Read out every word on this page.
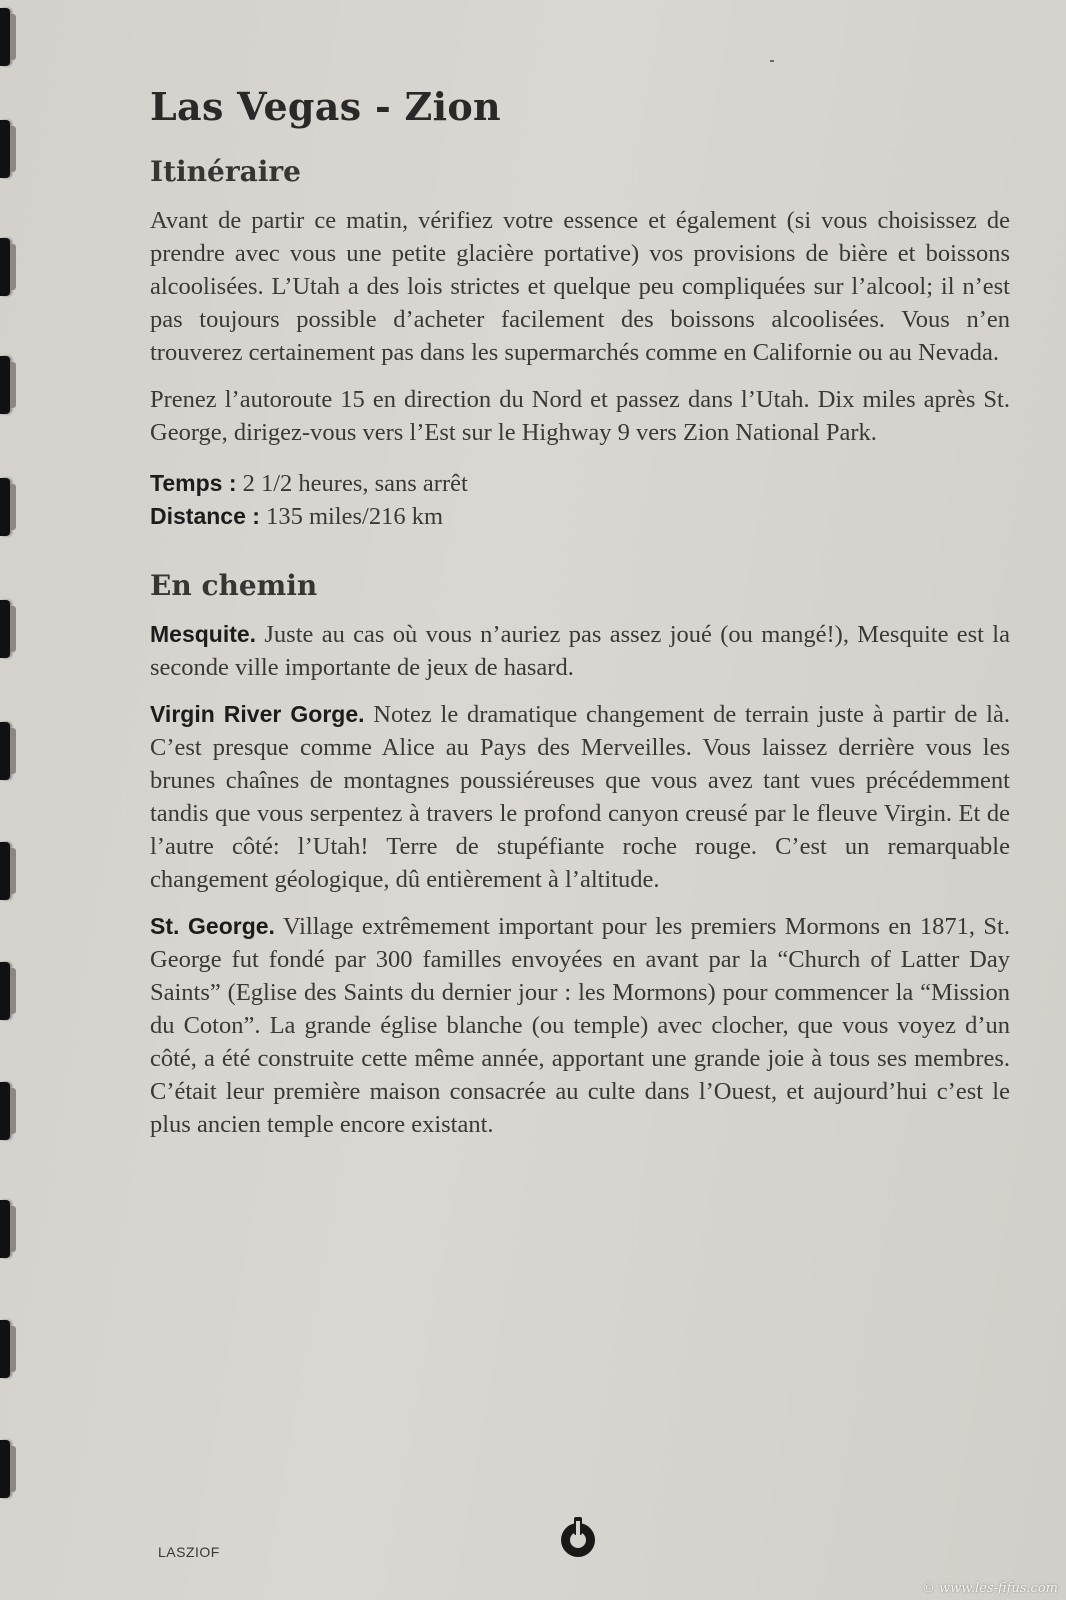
Las Vegas - Zion
Itinéraire

Avant de partir ce matin, vérifiez votre essence et également (si vous choisissez de prendre avec vous une petite glacière portative) vos provisions de bière et boissons alcoolisées. L’Utah a des lois strictes et quelque peu compliquées sur l’alcool; il n’est pas toujours possible d’acheter facilement des boissons alcoolisées. Vous n’en trouverez certainement pas dans les supermarchés comme en Californie ou au Nevada.

Prenez l’autoroute 15 en direction du Nord et passez dans l’Utah. Dix miles après St. George, dirigez-vous vers l’Est sur le Highway 9 vers Zion National Park.

Temps : 2 1/2 heures, sans arrêt
Distance : 135 miles/216 km
En chemin

Mesquite. Juste au cas où vous n’auriez pas assez joué (ou mangé!), Mesquite est la seconde ville importante de jeux de hasard.

Virgin River Gorge. Notez le dramatique changement de terrain juste à partir de là. C’est presque comme Alice au Pays des Merveilles. Vous laissez derrière vous les brunes chaînes de montagnes poussiéreuses que vous avez tant vues précédemment tandis que vous serpentez à travers le profond canyon creusé par le fleuve Virgin. Et de l’autre côté: l’Utah! Terre de stupéfiante roche rouge. C’est un remarquable changement géologique, dû entièrement à l’altitude.

St. George. Village extrêmement important pour les premiers Mormons en 1871, St. George fut fondé par 300 familles envoyées en avant par la “Church of Latter Day Saints” (Eglise des Saints du dernier jour : les Mormons) pour commencer la “Mission du Coton”. La grande église blanche (ou temple) avec clocher, que vous voyez d’un côté, a été construite cette même année, apportant une grande joie à tous ses membres. C’était leur première maison consacrée au culte dans l’Ouest, et aujourd’hui c’est le plus ancien temple encore existant.

LASZIOF
© www.les-fifus.com
